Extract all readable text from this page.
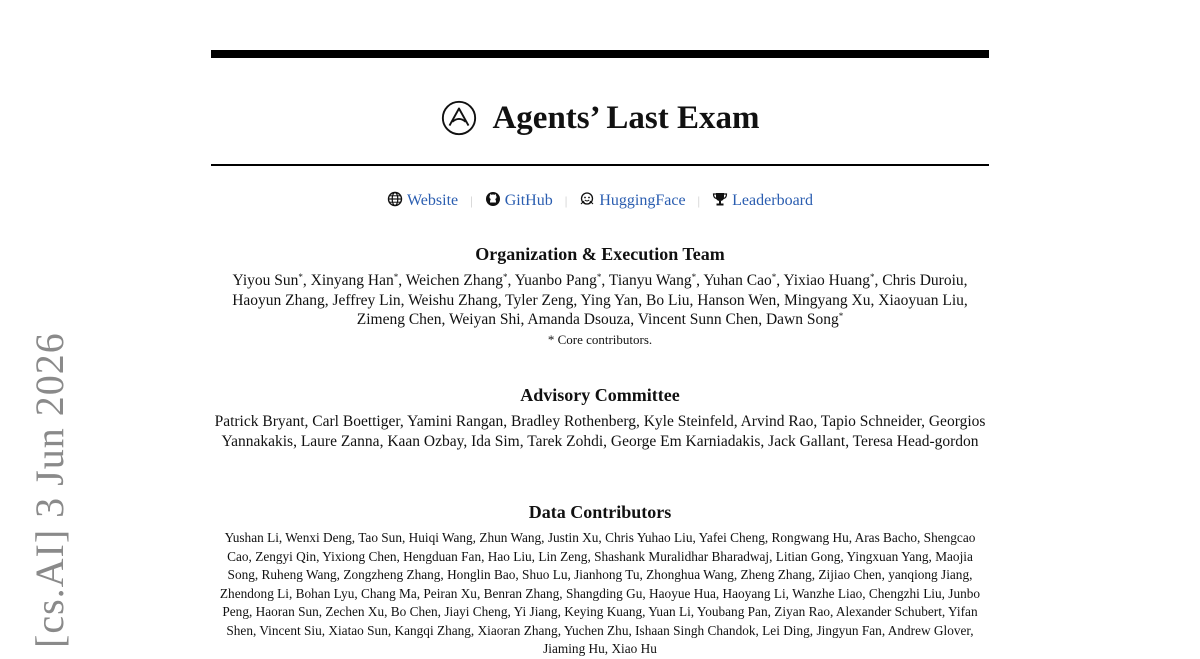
[cs.AI] 3 Jun 2026
Agents’ Last Exam
Website | GitHub | HuggingFace | Leaderboard
Organization & Execution Team
Yiyou Sun*, Xinyang Han*, Weichen Zhang*, Yuanbo Pang*, Tianyu Wang*, Yuhan Cao*, Yixiao Huang*, Chris Duroiu, Haoyun Zhang, Jeffrey Lin, Weishu Zhang, Tyler Zeng, Ying Yan, Bo Liu, Hanson Wen, Mingyang Xu, Xiaoyuan Liu, Zimeng Chen, Weiyan Shi, Amanda Dsouza, Vincent Sunn Chen, Dawn Song*
* Core contributors.
Advisory Committee
Patrick Bryant, Carl Boettiger, Yamini Rangan, Bradley Rothenberg, Kyle Steinfeld, Arvind Rao, Tapio Schneider, Georgios Yannakakis, Laure Zanna, Kaan Ozbay, Ida Sim, Tarek Zohdi, George Em Karniadakis, Jack Gallant, Teresa Head-gordon
Data Contributors
Yushan Li, Wenxi Deng, Tao Sun, Huiqi Wang, Zhun Wang, Justin Xu, Chris Yuhao Liu, Yafei Cheng, Rongwang Hu, Aras Bacho, Shengcao Cao, Zengyi Qin, Yixiong Chen, Hengduan Fan, Hao Liu, Lin Zeng, Shashank Muralidhar Bharadwaj, Litian Gong, Yingxuan Yang, Maojia Song, Ruheng Wang, Zongzheng Zhang, Honglin Bao, Shuo Lu, Jianhong Tu, Zhonghua Wang, Zheng Zhang, Zijiao Chen, yanqiong Jiang, Zhendong Li, Bohan Lyu, Chang Ma, Peiran Xu, Benran Zhang, Shangding Gu, Haoyue Hua, Haoyang Li, Wanzhe Liao, Chengzhi Liu, Junbo Peng, Haoran Sun, Zechen Xu, Bo Chen, Jiayi Cheng, Yi Jiang, Keying Kuang, Yuan Li, Youbang Pan, Ziyan Rao, Alexander Schubert, Yifan Shen, Vincent Siu, Xiatao Sun, Kangqi Zhang, Xiaoran Zhang, Yuchen Zhu, Ishaan Singh Chandok, Lei Ding, Jingyun Fan, Andrew Glover, Jiaming Hu, Xiao Hu
